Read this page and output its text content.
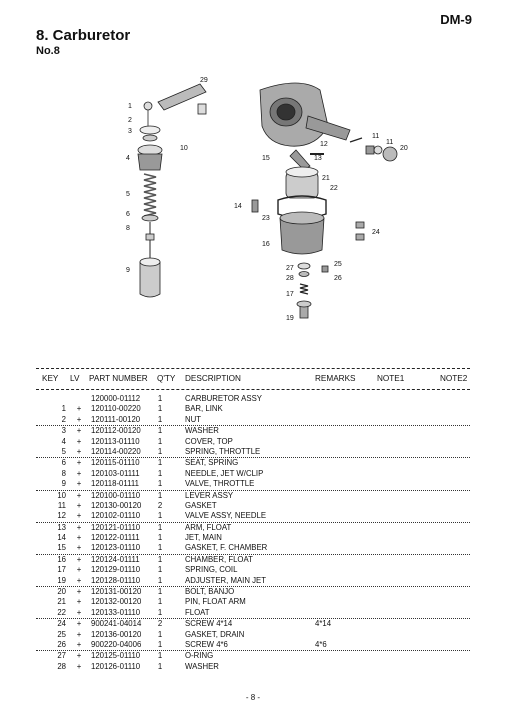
DM-9
8. Carburetor
No.8
29
1
2
3
10
4
5
6
8
9
12
13
11
11
20
15
21
22
14
23
24
16
25
27
28	26
17
19
KEY LV PART NUMBER Q'TY DESCRIPTION	REMARKS	NOTE1	NOTE2
120000-01112	1	CARBURETOR ASSY
1	+	120110-00220	1	BAR, LINK
2	+	120111-00120	1	NUT
3	+	120112-00120	1	WASHER
4	+	120113-01110	1	COVER, TOP
5	+	120114-00220	1	SPRING, THROTTLE
6	+	120115-01110	1	SEAT, SPRING
8	+	120103-01111	1	NEEDLE, JET W/CLIP
9	+	120118-01111	1	VALVE, THROTTLE
10	+	120100-01110	1	LEVER ASSY
11	+	120130-00120	2	GASKET
12	+	120102-01110	1	VALVE ASSY, NEEDLE
13	+	120121-01110	1	ARM, FLOAT
14	+	120122-01111	1	JET, MAIN
15	+	120123-01110	1	GASKET, F. CHAMBER
16	+	120124-01111	1	CHAMBER, FLOAT
17	+	120129-01110	1	SPRING, COIL
19	+	120128-01110	1	ADJUSTER, MAIN JET
20	+	120131-00120	1	BOLT, BANJO
21	+	120132-00120	1	PIN, FLOAT ARM
22	+	120133-01110	1	FLOAT
24	+	900241-04014	2	SCREW 4*14	4*14
25	+	120136-00120	1	GASKET, DRAIN
26	+	900220-04006	1	SCREW 4*6	4*6
27	+	120125-01110	1	O-RING
28	+	120126-01110	1	WASHER
- 8 -
